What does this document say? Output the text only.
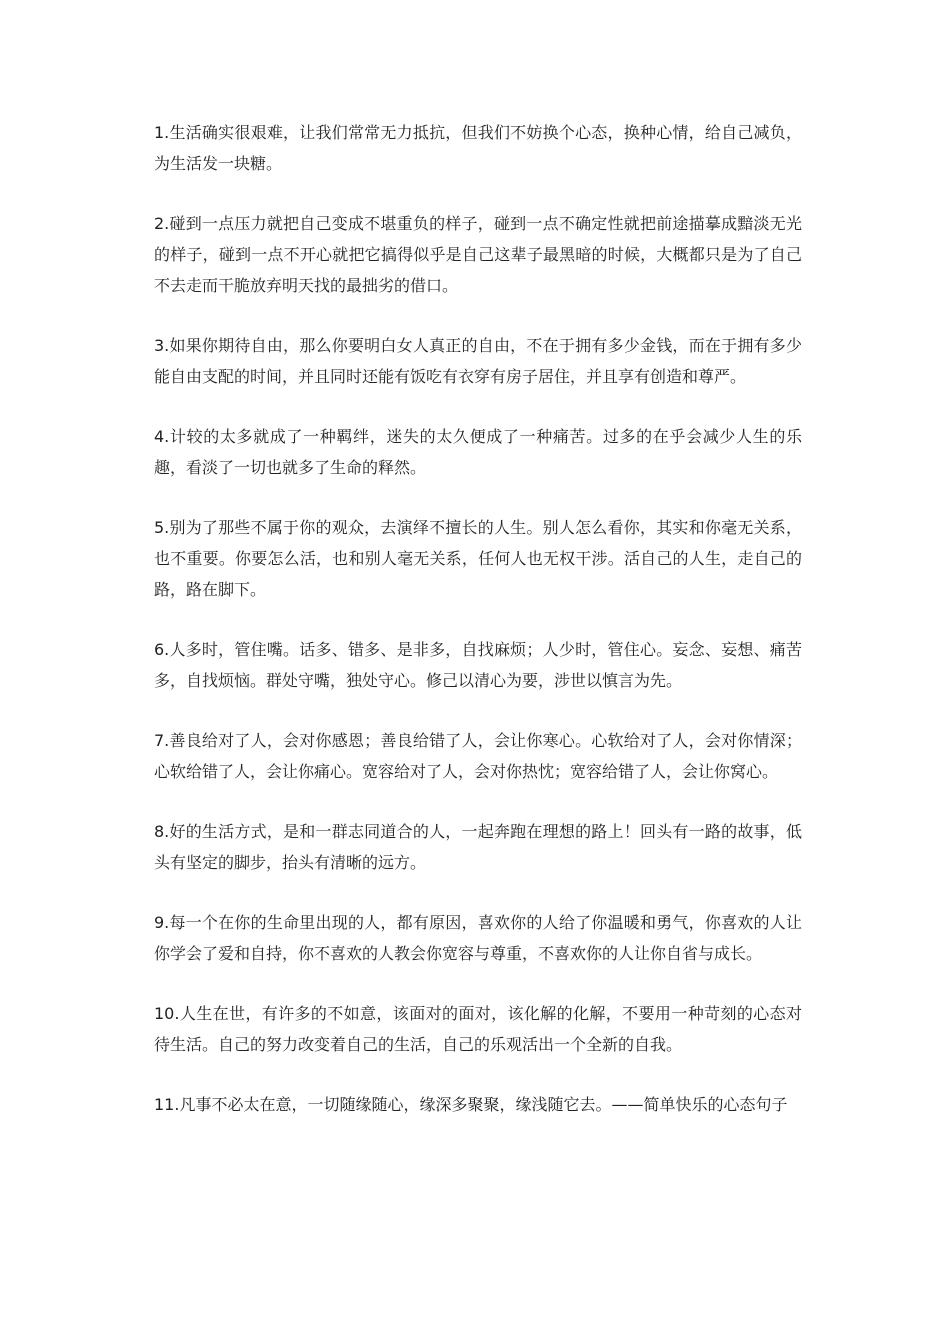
1.生活确实很艰难，让我们常常无力抵抗，但我们不妨换个心态，换种心情，给自己减负，为生活发一块糖。

2.碰到一点压力就把自己变成不堪重负的样子，碰到一点不确定性就把前途描摹成黯淡无光的样子，碰到一点不开心就把它搞得似乎是自己这辈子最黑暗的时候，大概都只是为了自己不去走而干脆放弃明天找的最拙劣的借口。

3.如果你期待自由，那么你要明白女人真正的自由，不在于拥有多少金钱，而在于拥有多少能自由支配的时间，并且同时还能有饭吃有衣穿有房子居住，并且享有创造和尊严。

4.计较的太多就成了一种羁绊，迷失的太久便成了一种痛苦。过多的在乎会减少人生的乐趣，看淡了一切也就多了生命的释然。

5.别为了那些不属于你的观众，去演绎不擅长的人生。别人怎么看你，其实和你毫无关系，也不重要。你要怎么活，也和别人毫无关系，任何人也无权干涉。活自己的人生，走自己的路，路在脚下。

6.人多时，管住嘴。话多、错多、是非多，自找麻烦；人少时，管住心。妄念、妄想、痛苦多，自找烦恼。群处守嘴，独处守心。修己以清心为要，涉世以慎言为先。

7.善良给对了人，会对你感恩；善良给错了人，会让你寒心。心软给对了人，会对你情深；心软给错了人，会让你痛心。宽容给对了人，会对你热忱；宽容给错了人，会让你窝心。

8.好的生活方式，是和一群志同道合的人，一起奔跑在理想的路上！回头有一路的故事，低头有坚定的脚步，抬头有清晰的远方。

9.每一个在你的生命里出现的人，都有原因，喜欢你的人给了你温暖和勇气，你喜欢的人让你学会了爱和自持，你不喜欢的人教会你宽容与尊重，不喜欢你的人让你自省与成长。

10.人生在世，有许多的不如意，该面对的面对，该化解的化解，不要用一种苛刻的心态对待生活。自己的努力改变着自己的生活，自己的乐观活出一个全新的自我。

11.凡事不必太在意，一切随缘随心，缘深多聚聚，缘浅随它去。——简单快乐的心态句子
